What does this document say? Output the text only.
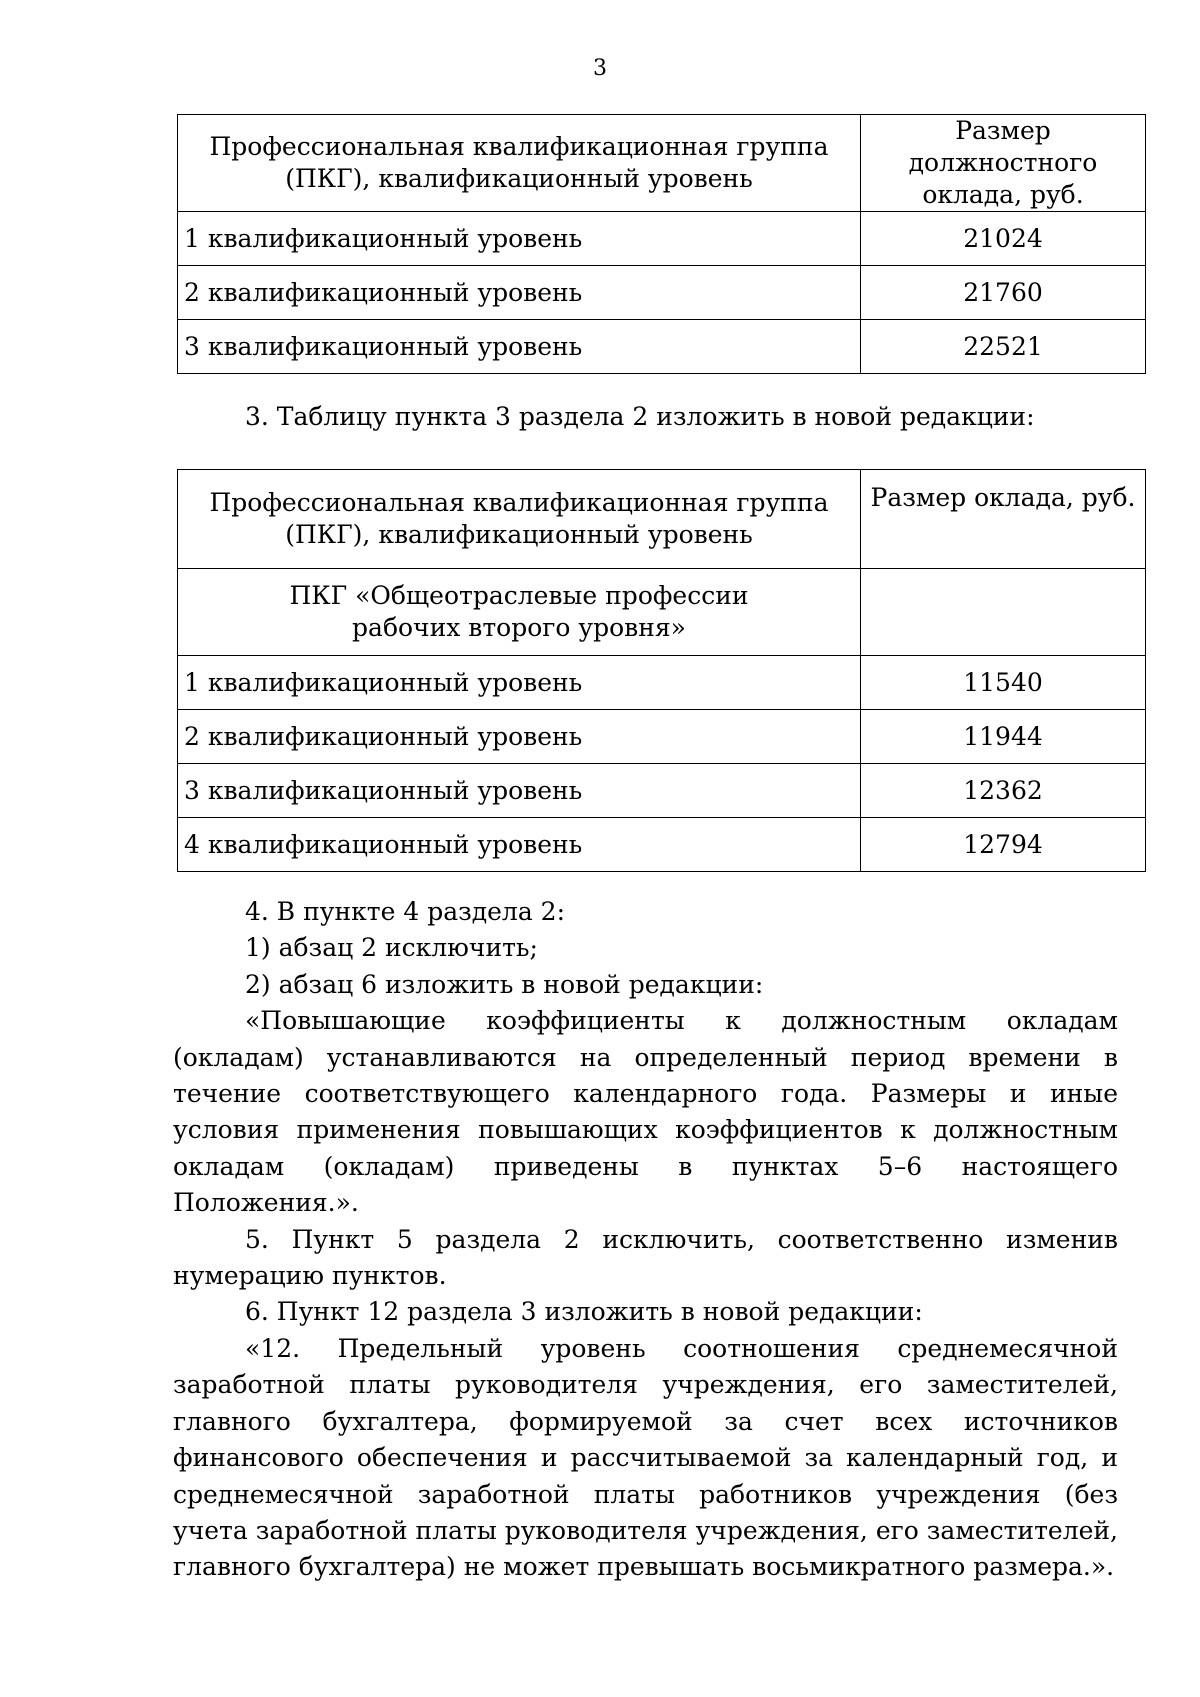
3
Профессиональная квалификационная группа (ПКГ), квалификационный уровень	Размер должностного оклада, руб.
1 квалификационный уровень	21024
2 квалификационный уровень	21760
3 квалификационный уровень	22521

3. Таблицу пункта 3 раздела 2 изложить в новой редакции:

Профессиональная квалификационная группа (ПКГ), квалификационный уровень	Размер оклада, руб.

ПКГ «Общеотраслевые профессии рабочих второго уровня»	

1 квалификационный уровень	11540
2 квалификационный уровень	11944
3 квалификационный уровень	12362
4 квалификационный уровень	12794

4. В пункте 4 раздела 2:

1) абзац 2 исключить;

2) абзац 6 изложить в новой редакции:

«Повышающие коэффициенты к должностным окладам (окладам) устанавливаются на определенный период времени в течение соответствующего календарного года. Размеры и иные условия применения повышающих коэффициентов к должностным окладам (окладам) приведены в пунктах 5–6 настоящего Положения.».

5. Пункт 5 раздела 2 исключить, соответственно изменив нумерацию пунктов.

6. Пункт 12 раздела 3 изложить в новой редакции:

«12. Предельный уровень соотношения среднемесячной заработной платы руководителя учреждения, его заместителей, главного бухгалтера, формируемой за счет всех источников финансового обеспечения и рассчитываемой за календарный год, и среднемесячной заработной платы работников учреждения (без учета заработной платы руководителя учреждения, его заместителей, главного бухгалтера) не может превышать восьмикратного размера.».
